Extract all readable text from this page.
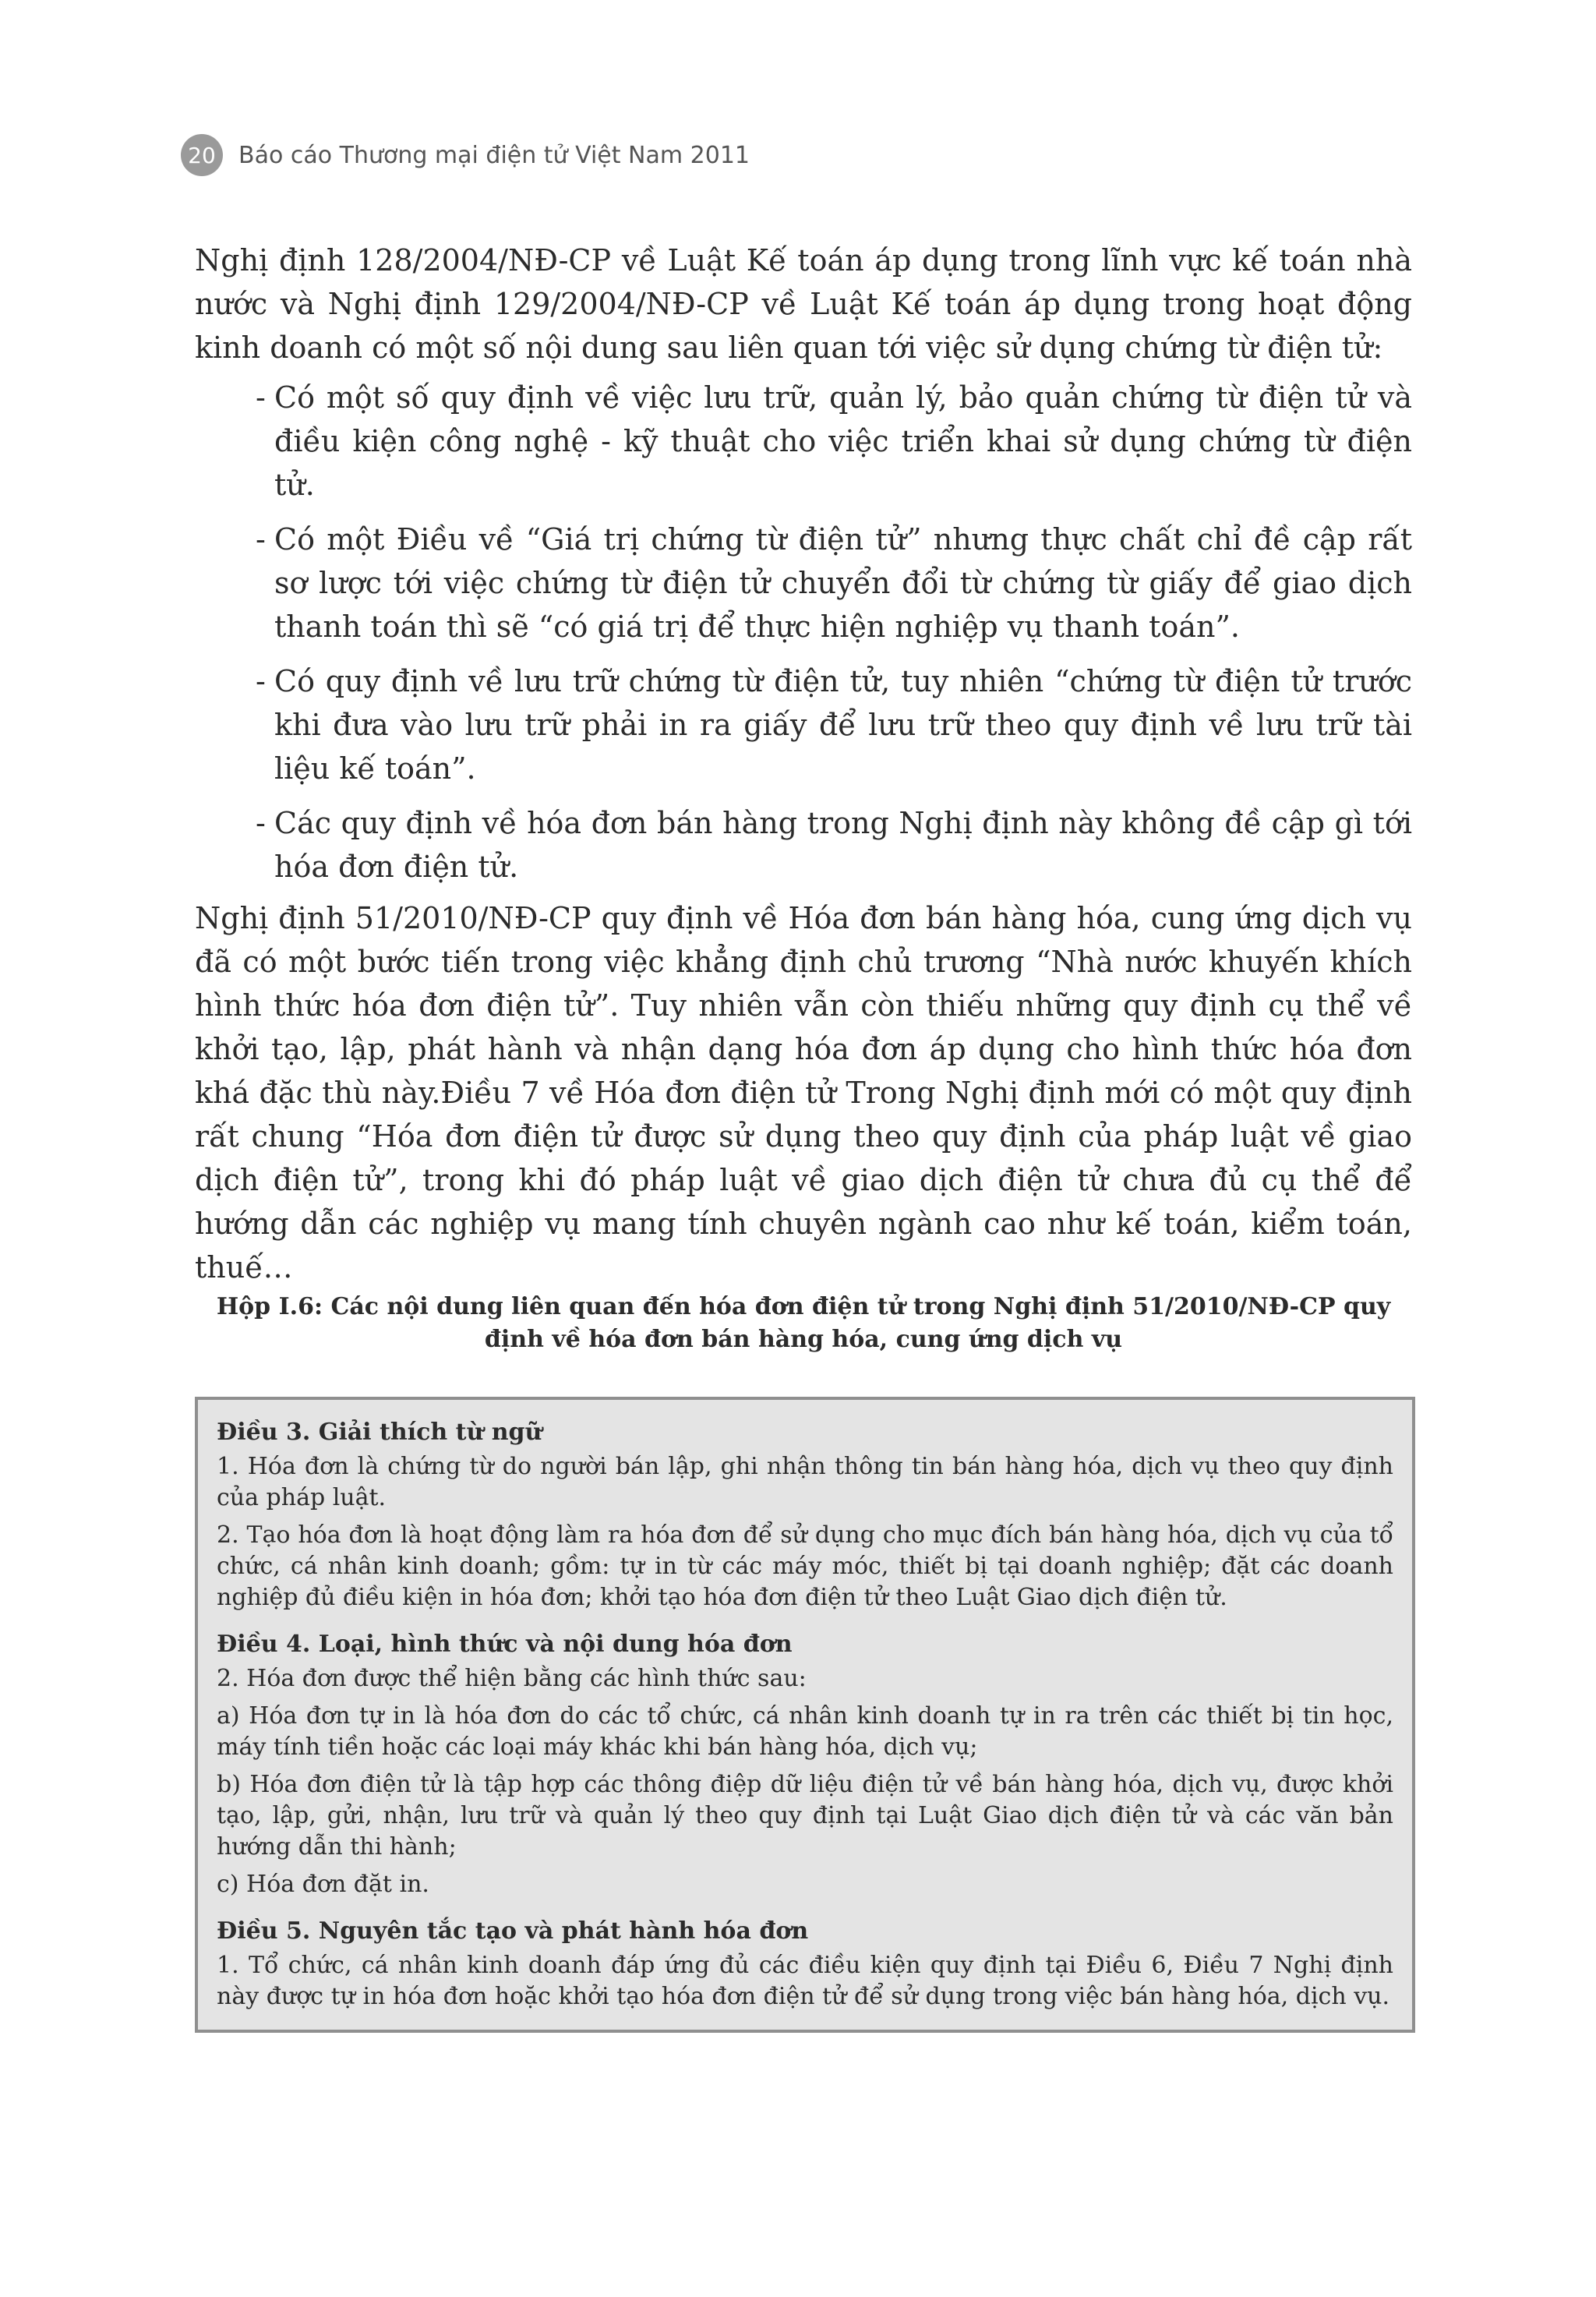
20 Báo cáo Thương mại điện tử Việt Nam 2011

Nghị định 128/2004/NĐ-CP về Luật Kế toán áp dụng trong lĩnh vực kế toán nhà nước và Nghị định 129/2004/NĐ-CP về Luật Kế toán áp dụng trong hoạt động kinh doanh có một số nội dung sau liên quan tới việc sử dụng chứng từ điện tử:

- Có một số quy định về việc lưu trữ, quản lý, bảo quản chứng từ điện tử và điều kiện công nghệ - kỹ thuật cho việc triển khai sử dụng chứng từ điện tử.
- Có một Điều về “Giá trị chứng từ điện tử” nhưng thực chất chỉ đề cập rất sơ lược tới việc chứng từ điện tử chuyển đổi từ chứng từ giấy để giao dịch thanh toán thì sẽ “có giá trị để thực hiện nghiệp vụ thanh toán”.
- Có quy định về lưu trữ chứng từ điện tử, tuy nhiên “chứng từ điện tử trước khi đưa vào lưu trữ phải in ra giấy để lưu trữ theo quy định về lưu trữ tài liệu kế toán”.
- Các quy định về hóa đơn bán hàng trong Nghị định này không đề cập gì tới hóa đơn điện tử.

Nghị định 51/2010/NĐ-CP quy định về Hóa đơn bán hàng hóa, cung ứng dịch vụ đã có một bước tiến trong việc khẳng định chủ trương “Nhà nước khuyến khích hình thức hóa đơn điện tử”. Tuy nhiên vẫn còn thiếu những quy định cụ thể về khởi tạo, lập, phát hành và nhận dạng hóa đơn áp dụng cho hình thức hóa đơn khá đặc thù này.Điều 7 về Hóa đơn điện tử Trong Nghị định mới có một quy định rất chung “Hóa đơn điện tử được sử dụng theo quy định của pháp luật về giao dịch điện tử”, trong khi đó pháp luật về giao dịch điện tử chưa đủ cụ thể để hướng dẫn các nghiệp vụ mang tính chuyên ngành cao như kế toán, kiểm toán, thuế…

Hộp I.6: Các nội dung liên quan đến hóa đơn điện tử trong Nghị định 51/2010/NĐ-CP quy định về hóa đơn bán hàng hóa, cung ứng dịch vụ
Điều 3. Giải thích từ ngữ

1. Hóa đơn là chứng từ do người bán lập, ghi nhận thông tin bán hàng hóa, dịch vụ theo quy định của pháp luật.

2. Tạo hóa đơn là hoạt động làm ra hóa đơn để sử dụng cho mục đích bán hàng hóa, dịch vụ của tổ chức, cá nhân kinh doanh; gồm: tự in từ các máy móc, thiết bị tại doanh nghiệp; đặt các doanh nghiệp đủ điều kiện in hóa đơn; khởi tạo hóa đơn điện tử theo Luật Giao dịch điện tử.

Điều 4. Loại, hình thức và nội dung hóa đơn

2. Hóa đơn được thể hiện bằng các hình thức sau:

a) Hóa đơn tự in là hóa đơn do các tổ chức, cá nhân kinh doanh tự in ra trên các thiết bị tin học, máy tính tiền hoặc các loại máy khác khi bán hàng hóa, dịch vụ;

b) Hóa đơn điện tử là tập hợp các thông điệp dữ liệu điện tử về bán hàng hóa, dịch vụ, được khởi tạo, lập, gửi, nhận, lưu trữ và quản lý theo quy định tại Luật Giao dịch điện tử và các văn bản hướng dẫn thi hành;

c) Hóa đơn đặt in.

Điều 5. Nguyên tắc tạo và phát hành hóa đơn

1. Tổ chức, cá nhân kinh doanh đáp ứng đủ các điều kiện quy định tại Điều 6, Điều 7 Nghị định này được tự in hóa đơn hoặc khởi tạo hóa đơn điện tử để sử dụng trong việc bán hàng hóa, dịch vụ.
